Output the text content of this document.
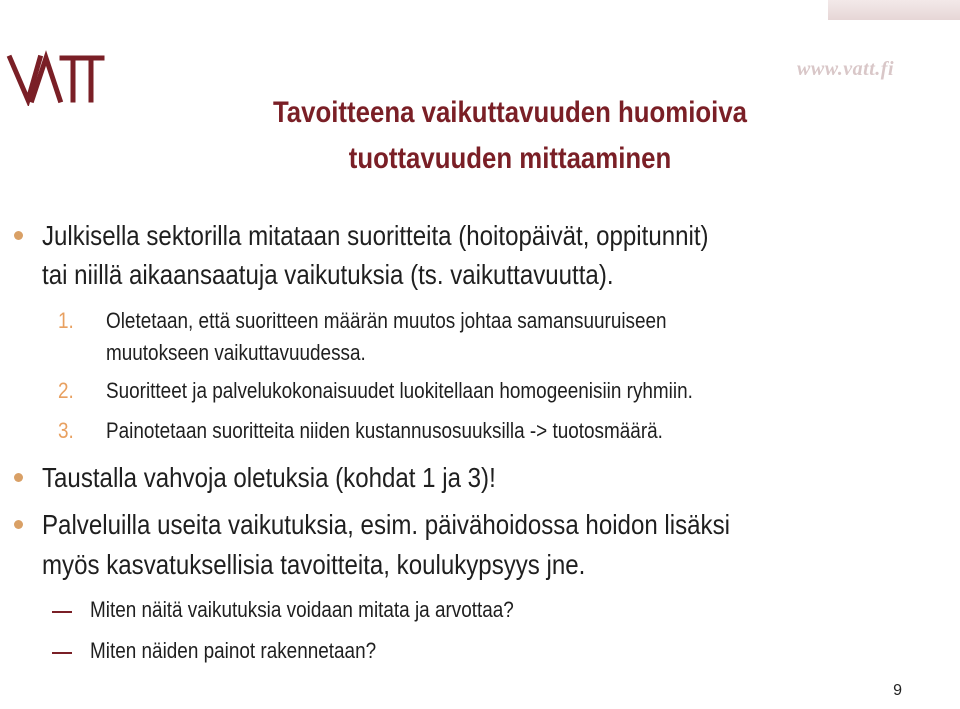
VATT
www.vatt.fi
Tavoitteena vaikuttavuuden huomioiva
tuottavuuden mittaaminen
Julkisella sektorilla mitataan suoritteita (hoitopäivät, oppitunnit)
tai niillä aikaansaatuja vaikutuksia (ts. vaikuttavuutta).
1. Oletetaan, että suoritteen määrän muutos johtaa samansuuruiseen
muutokseen vaikuttavuudessa.
2. Suoritteet ja palvelukokonaisuudet luokitellaan homogeenisiin ryhmiin.
3. Painotetaan suoritteita niiden kustannusosuuksilla -> tuotosmäärä.
Taustalla vahvoja oletuksia (kohdat 1 ja 3)!
Palveluilla useita vaikutuksia, esim. päivähoidossa hoidon lisäksi
myös kasvatuksellisia tavoitteita, koulukypsyys jne.
Miten näitä vaikutuksia voidaan mitata ja arvottaa?
Miten näiden painot rakennetaan?
9
